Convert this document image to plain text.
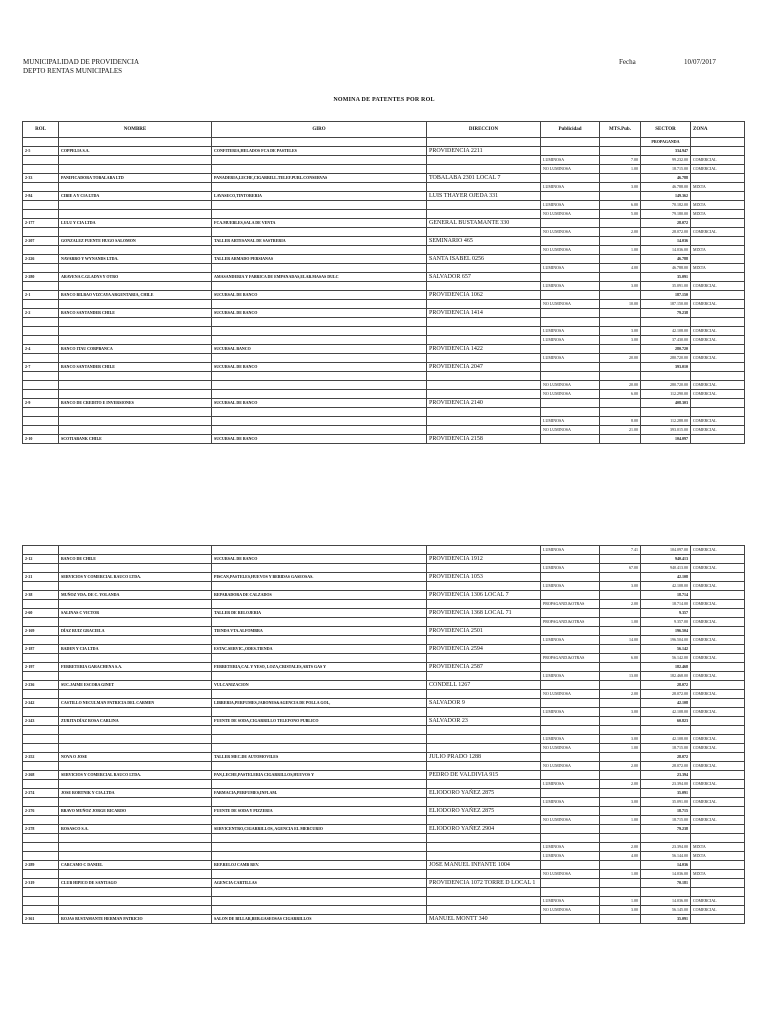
MUNICIPALIDAD DE PROVIDENCIA
DEPTO RENTAS MUNICIPALES
Fecha	10/07/2017
NOMINA DE PATENTES POR ROL
ROL	NOMBRE	GIRO	DIRECCION	Publicidad	MTS.Pub.	SECTOR	ZONA
						PROPAGANDA	
2-5	COPPELIA S.A.	CONFITERIA,HELADOS FCA DE PASTELES	PROVIDENCIA 2211			334.947	
				LUMINOSA	7.00	99.232.00	COMERCIAL
				NO LUMINOSA	1.00	18.715.00	COMERCIAL
2-33	PANIFICADORA TOBALABA LTD	PANADERIA,LECHE,CIGARRILL.TELEF.PUBL.CONSERVAS	TOBALABA 2301 LOCAL 7			46.788	
				LUMINOSA	3.00	46.788.00	MIXTA
2-84	CIBIE A Y CIA LTDA	LAVASECO,TINTORERIA	LUIS THAYER OJEDA 331			149.362	
				LUMINOSA	6.00	70.182.00	MIXTA
				NO LUMINOSA	5.00	79.180.00	MIXTA
2-177	LULU Y CIA LTDA	FCA.MUEBLES,SALA DE VENTA	GENERAL BUSTAMANTE 330			28.072	
				NO LUMINOSA	2.00	28.072.00	COMERCIAL
2-207	GONZALEZ FUENTE HUGO SALOMON	TALLER ARTESANAL DE SASTRERIA	SEMINARIO 465			14.036	
				NO LUMINOSA	1.00	14.036.00	MIXTA
2-226	NAVARRO Y WYNANDS LTDA.	TALLER ARMADO PERSIANAS	SANTA ISABEL 0256			46.788	
				LUMINOSA	4.00	46.788.00	MIXTA
2-280	ARAVENA C.GLADYS Y OTRO	AMASANDERIA Y FABRICA DE EMPANADAS,ELAB.MASAS DULC	SALVADOR 657			35.091	
				LUMINOSA	3.00	35.091.00	COMERCIAL
2-1	BANCO BILBAO VIZCAYA ARGENTARIA, CHILE	SUCURSAL DE BANCO	PROVIDENCIA 1062			187.150	
				NO LUMINOSA	10.00	187.150.00	COMERCIAL
2-2	BANCO SANTANDER CHILE	SUCURSAL DE BANCO	PROVIDENCIA 1414			79.238	

				LUMINOSA	3.00	42.108.00	COMERCIAL
				LUMINOSA	3.00	37.430.00	COMERCIAL
2-4	BANCO ITAU CORPBANCA	SUCURSAL BANCO	PROVIDENCIA 1422			280.720	
				LUMINOSA	20.00	280.720.00	COMERCIAL
2-7	BANCO SANTANDER CHILE	SUCURSAL DE BANCO	PROVIDENCIA 2047			393.010	

				NO LUMINOSA	20.00	280.720.00	COMERCIAL
				NO LUMINOSA	6.00	112.290.00	COMERCIAL
2-9	BANCO DE CREDITO E INVERSIONES	SUCURSAL DE BANCO	PROVIDENCIA 2140			408.303	

				LUMINOSA	8.00	112.288.00	COMERCIAL
				NO LUMINOSA	21.00	393.015.00	COMERCIAL
2-10	SCOTIABANK CHILE	SUCURSAL DE BANCO	PROVIDENCIA 2158			104.097	
				LUMINOSA	7.41	104.097.00	COMERCIAL
2-12	BANCO DE CHILE	SUCURSAL DE BANCO	PROVIDENCIA 1912			940.413	
				LUMINOSA	67.00	940.413.00	COMERCIAL
2-21	SERVICIOS Y COMERCIAL RAUCO LTDA.	PISCAN,PASTELES,HUEVOS Y BEBIDAS GASEOSAS.	PROVIDENCIA 1053			42.108	
				LUMINOSA	3.00	42.108.00	COMERCIAL
2-38	MUÑOZ VDA. DE C. YOLANDA	REPARADORA DE CALZADOS	PROVIDENCIA 1306 LOCAL 7			18.714	
				PROPAGAND.&OTRAS	2.00	18.714.00	COMERCIAL
2-60	SALINAS C VICTOR	TALLER DE RELOJERIA	PROVIDENCIA 1368 LOCAL 71			9.357	
				PROPAGAND.&OTRAS	1.00	9.357.00	COMERCIAL
2-169	DÍAZ RUIZ GRACIELA	TIENDA VTA.ALFOMBRA	PROVIDENCIA 2501			196.504	
				LUMINOSA	14.00	196.504.00	COMERCIAL
2-187	BADEN Y CIA LTDA	ESTAC.SERVIC.,ODES.TIENDA	PROVIDENCIA 2594			56.142	
				PROPAGAND.&OTRAS	6.00	56.142.00	COMERCIAL
2-197	FERRETERIA GARACHENA S.A.	FERRETERIA,CAL Y YESO, LOZA,CRISTALES,ARTS GAS Y	PROVIDENCIA 2587			182.468	
				LUMINOSA	13.00	182.468.00	COMERCIAL
2-236	SUC.JAIME ESCOBA GINET	VULCANIZACION	CONDELL 1267			28.072	
				NO LUMINOSA	2.00	28.072.00	COMERCIAL
2-242	CASTILLO NECULMAN PATRICIA DEL CARMEN	LIBRERIA,PERFUMES,JABONES&AGENCIA DE POLLA GOL,	SALVADOR 9			42.108	
				LUMINOSA	3.00	42.108.00	COMERCIAL
2-243	ZURITA DÍAZ ROSA CARLINA	FUENTE DE SODA,CIGARRILLO TELEFONO PUBLICO	SALVADOR 23			60.823	

				LUMINOSA	3.00	42.108.00	COMERCIAL
				NO LUMINOSA	1.00	18.715.00	COMERCIAL
2-252	NOVA O JOSE	TALLER MEC.DE AUTOMOVILES	JULIO PRADO 1288			28.072	
				NO LUMINOSA	2.00	28.072.00	COMERCIAL
2-268	SERVICIOS Y COMERCIAL RAUCO LTDA.	PAN,LECHE,PASTELERIA CIGARRILLOS,HUEVOS Y	PEDRO DE VALDIVIA 915			23.394	
				LUMINOSA	2.00	23.394.00	COMERCIAL
2-274	JOSE ROBTNIK Y CIA.LTDA	FARMACIA,PERFUMES,INFLAM.	ELIODORO YAÑEZ 2875			35.091	
				LUMINOSA	3.00	35.091.00	COMERCIAL
2-276	BRAVO MUÑOZ JORGE RICARDO	FUENTE DE SODA Y PIZZERIA	ELIODORO YAÑEZ 2875			18.715	
				NO LUMINOSA	1.00	18.715.00	COMERCIAL
2-278	ROSASCO S.A.	SERVICENTRO,CIGARRILLOS, AGENCIA EL MERCURIO	ELIODORO YAÑEZ 2904			79.238	

				LUMINOSA	2.00	23.394.00	MIXTA
				LUMINOSA	4.00	56.144.00	MIXTA
2-289	CARCAMO C DANIEL	REP.RELOJ CAMB REV.	JOSE MANUEL INFANTE 1004			14.036	
				NO LUMINOSA	1.00	14.036.00	MIXTA
2-319	CLUB HIPICO DE SANTIAGO	AGENCIA CARTILLAS	PROVIDENCIA 1072 TORRE D LOCAL 1			70.181	

				LUMINOSA	1.00	14.036.00	COMERCIAL
				NO LUMINOSA	3.00	56.145.00	COMERCIAL
2-361	ROJAS BUSTAMANTE HERMAN PATRICIO	SALON DE BILLAR,BEB.GASEOSAS CIGARRILLOS	MANUEL MONTT 340			35.091	
